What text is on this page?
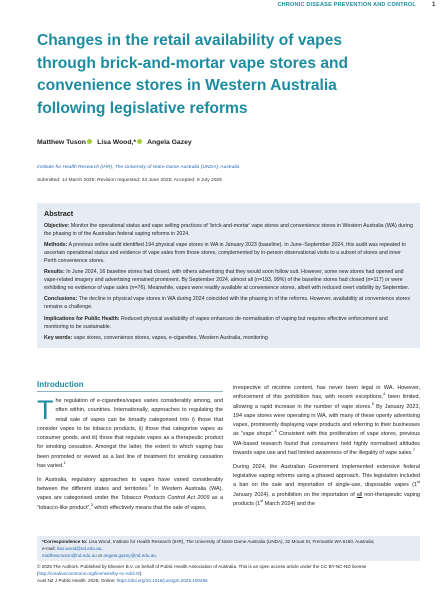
CHRONIC DISEASE PREVENTION AND CONTROL	1
Changes in the retail availability of vapes
through brick-and-mortar vape stores and
convenience stores in Western Australia
following legislative reforms
Matthew Tuson Lisa Wood,* Angela Gazey
Institute for Health Research (IHR), The University of Notre Dame Australia (UNDA), Australia
Submitted: 14 March 2025; Revision requested: 23 June 2025; Accepted: 9 July 2025
Abstract

Objective: Monitor the operational status and vape selling practices of ‘brick-and-mortar’ vape stores and convenience stores in Western Australia (WA) during the phasing in of the Australian federal vaping reforms in 2024.

Methods: A previous online audit identified 194 physical vape stores in WA in January 2023 (baseline). In June–September 2024, this audit was repeated to ascertain operational status and evidence of vape sales from those stores, complemented by in-person observational visits to a subset of stores and inner Perth convenience stores.

Results: In June 2024, 16 baseline stores had closed, with others advertising that they would soon follow suit. However, some new stores had opened and vape-related imagery and advertising remained prominent. By September 2024, almost all (n=193, 99%) of the baseline stores had closed (n=117) or were exhibiting no evidence of vape sales (n=76). Meanwhile, vapes were readily available at convenience stores, albeit with reduced overt visibility by September.

Conclusions: The decline in physical vape stores in WA during 2024 coincided with the phasing in of the reforms. However, availability at convenience stores remains a challenge.

Implications for Public Health: Reduced physical availability of vapes enhances de-normalisation of vaping but requires effective enforcement and monitoring to be sustainable.

Key words: vape stores, convenience stores, vapes, e-cigarettes, Western Australia, monitoring

Introduction

The regulation of e-cigarettes/vapes varies considerably among, and often within, countries. Internationally, approaches to regulating the retail sale of vapes can be broadly categorised into i) those that consider vapes to be tobacco products, ii) those that categorise vapes as consumer goods, and iii) those that regulate vapes as a therapeutic product for smoking cessation. Amongst the latter, the extent to which vaping has been promoted or viewed as a last line of treatment for smoking cessation has varied.$^1$

In Australia, regulatory approaches to vapes have varied considerably between the different states and territories.$^2$ In Western Australia (WA), vapes are categorised under the Tobacco Products Control Act 2009 as a “tobacco-like product”,$^3$ which effectively means that the sale of vapes,

irrespective of nicotine content, has never been legal in WA. However, enforcement of this prohibition has, with recent exceptions,$^4$ been limited, allowing a rapid increase in the number of vape stores.$^5$ By January 2023, 194 vape stores were operating in WA, with many of these openly advertising vapes, prominently displaying vape products and referring to their businesses as “vape shops”.$^6$ Consistent with this proliferation of vape stores, previous WA-based research found that consumers held highly normalised attitudes towards vape use and had limited awareness of the illegality of vape sales.$^7$

During 2024, the Australian Government implemented extensive federal legislative vaping reforms using a phased approach. This legislation included a ban on the sale and importation of single-use, disposable vapes (1st January 2024), a prohibition on the importation of all non-therapeutic vaping products (1st March 2024) and the

*Correspondence to: Lisa Wood, Institute for Health Research (IHR), The University of Notre Dame Australia (UNDA), 32 Mouat St, Fremantle WA 6160, Australia;
e-mail: lisa.wood@nd.edu.au,
matthew.tuson@nd.edu.au or angela.gazey@nd.edu.au.
© 2025 The Authors. Published by Elsevier B.V. on behalf of Public Health Association of Australia. This is an open access article under the CC BY-NC-ND license (http://creativecommons.org/licenses/by-nc-nd/4.0/).
Aust NZ J Public Health. 2025; Online; https://doi.org/10.1016/j.anzjph.2025.100268
